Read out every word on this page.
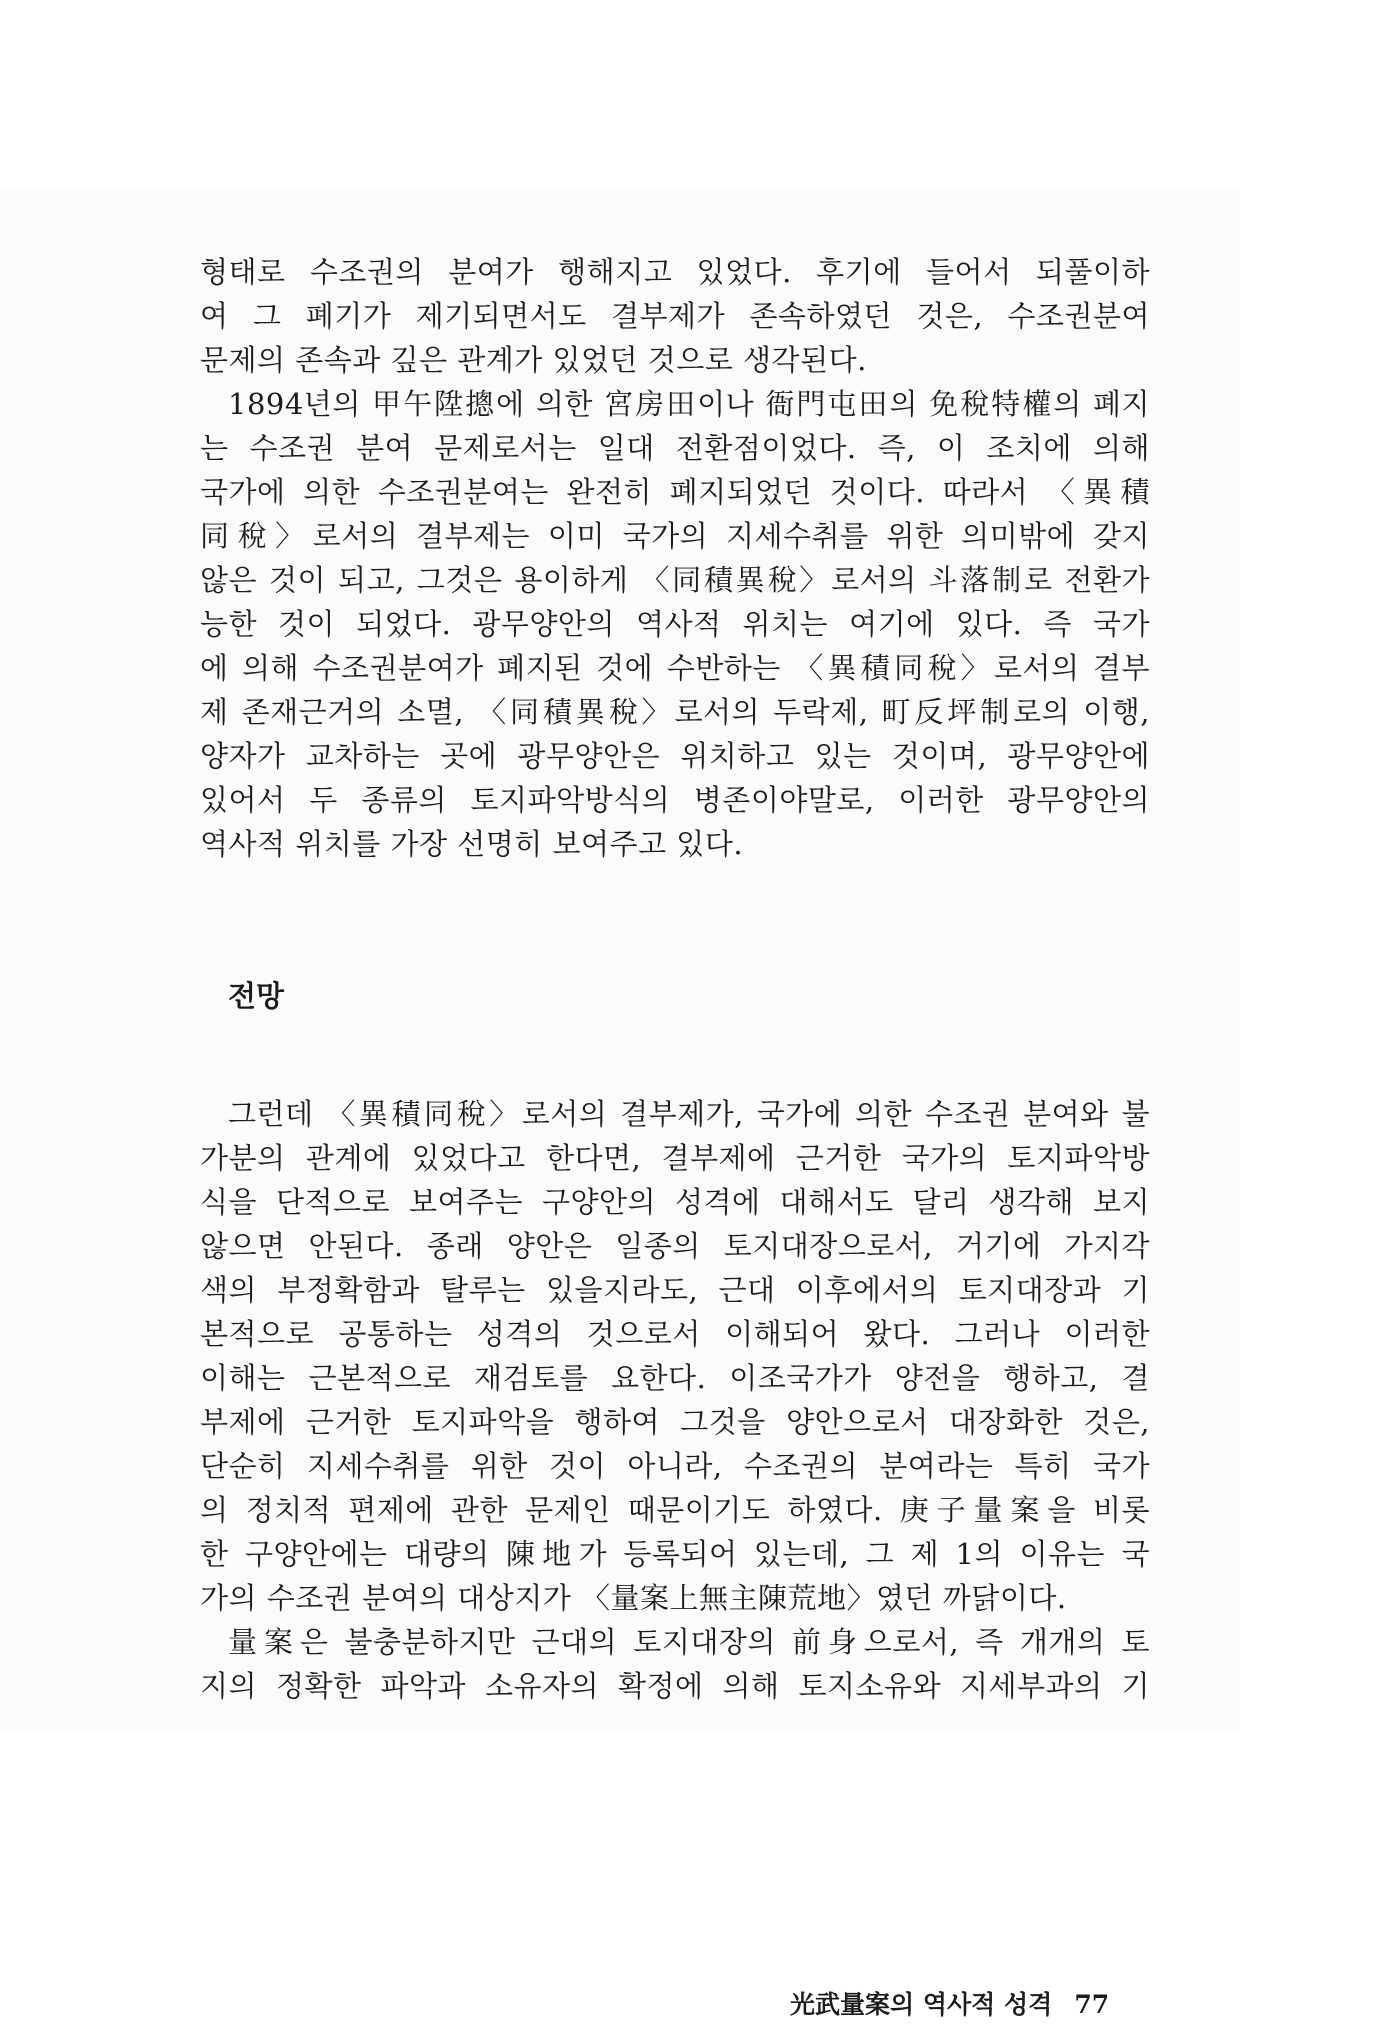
형태로 수조권의 분여가 행해지고 있었다. 후기에 들어서 되풀이하
여 그 폐기가 제기되면서도 결부제가 존속하였던 것은, 수조권분여
문제의 존속과 깊은 관계가 있었던 것으로 생각된다.
1894년의 甲午陞摠에 의한 宮房田이나 衙門屯田의 免稅特權의 폐지
는 수조권 분여 문제로서는 일대 전환점이었다. 즉, 이 조치에 의해
국가에 의한 수조권분여는 완전히 폐지되었던 것이다. 따라서 〈異積
同稅〉로서의 결부제는 이미 국가의 지세수취를 위한 의미밖에 갖지
않은 것이 되고, 그것은 용이하게 〈同積異稅〉로서의 斗落制로 전환가
능한 것이 되었다. 광무양안의 역사적 위치는 여기에 있다. 즉 국가
에 의해 수조권분여가 폐지된 것에 수반하는 〈異積同稅〉로서의 결부
제 존재근거의 소멸, 〈同積異稅〉로서의 두락제, 町反坪制로의 이행,
양자가 교차하는 곳에 광무양안은 위치하고 있는 것이며, 광무양안에
있어서 두 종류의 토지파악방식의 병존이야말로, 이러한 광무양안의
역사적 위치를 가장 선명히 보여주고 있다.
전망
그런데 〈異積同稅〉로서의 결부제가, 국가에 의한 수조권 분여와 불
가분의 관계에 있었다고 한다면, 결부제에 근거한 국가의 토지파악방
식을 단적으로 보여주는 구양안의 성격에 대해서도 달리 생각해 보지
않으면 안된다. 종래 양안은 일종의 토지대장으로서, 거기에 가지각
색의 부정확함과 탈루는 있을지라도, 근대 이후에서의 토지대장과 기
본적으로 공통하는 성격의 것으로서 이해되어 왔다. 그러나 이러한
이해는 근본적으로 재검토를 요한다. 이조국가가 양전을 행하고, 결
부제에 근거한 토지파악을 행하여 그것을 양안으로서 대장화한 것은,
단순히 지세수취를 위한 것이 아니라, 수조권의 분여라는 특히 국가
의 정치적 편제에 관한 문제인 때문이기도 하였다. 庚子量案을 비롯
한 구양안에는 대량의 陳地가 등록되어 있는데, 그 제 1의 이유는 국
가의 수조권 분여의 대상지가 〈量案上無主陳荒地〉였던 까닭이다.
量案은 불충분하지만 근대의 토지대장의 前身으로서, 즉 개개의 토
지의 정확한 파악과 소유자의 확정에 의해 토지소유와 지세부과의 기
光武量案의 역사적 성격 77
